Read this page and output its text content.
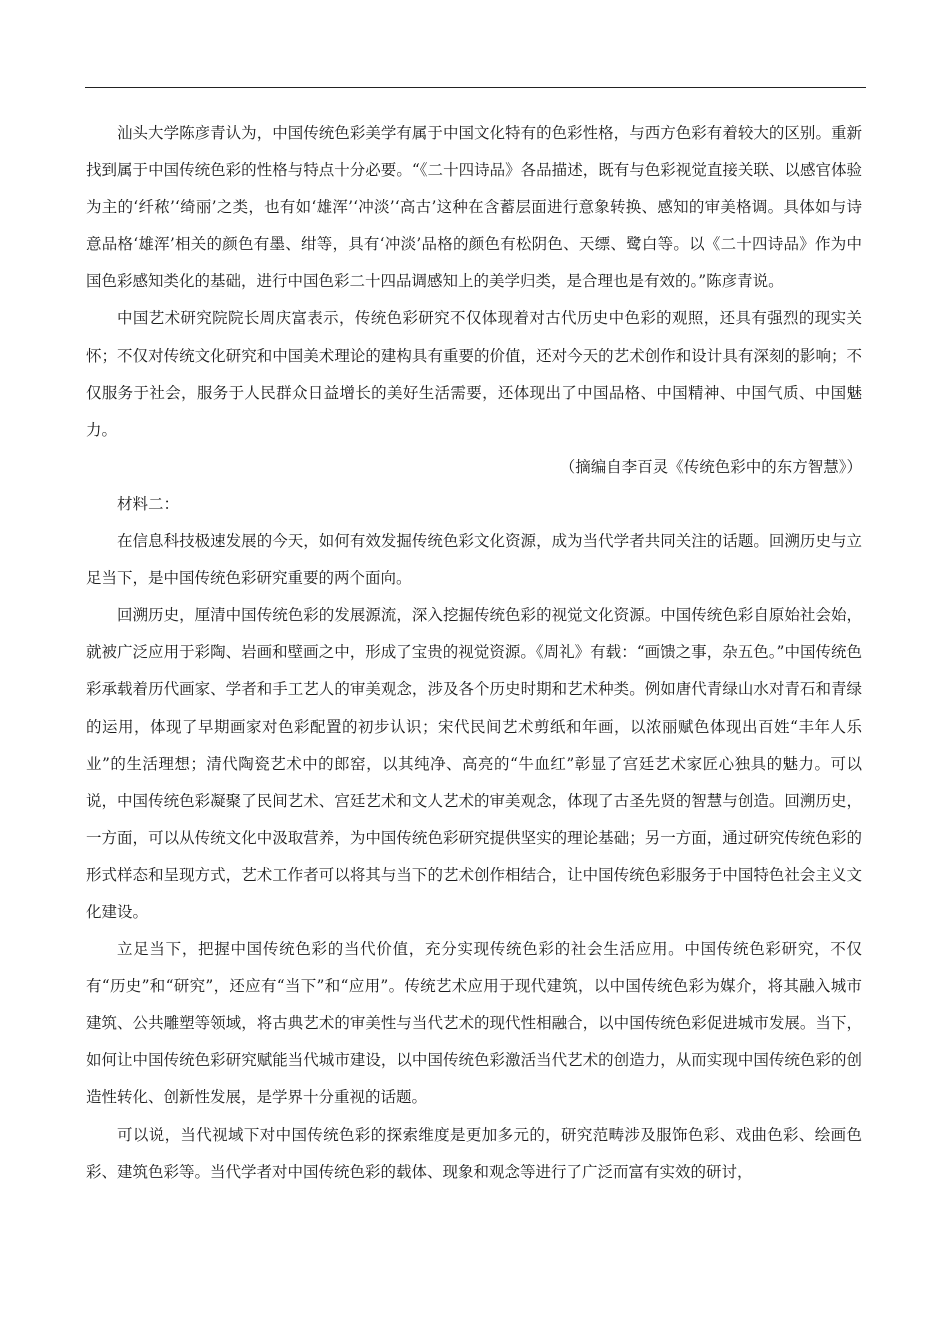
汕头大学陈彦青认为，中国传统色彩美学有属于中国文化特有的色彩性格，与西方色彩有着较大的区别。重新找到属于中国传统色彩的性格与特点十分必要。“《二十四诗品》各品描述，既有与色彩视觉直接关联、以感官体验为主的‘纤秾’‘绮丽’之类，也有如‘雄浑’‘冲淡’‘高古’这种在含蓄层面进行意象转换、感知的审美格调。具体如与诗意品格‘雄浑’相关的颜色有墨、绀等，具有‘冲淡’品格的颜色有松阴色、天缥、鹭白等。以《二十四诗品》作为中国色彩感知类化的基础，进行中国色彩二十四品调感知上的美学归类，是合理也是有效的。”陈彦青说。

中国艺术研究院院长周庆富表示，传统色彩研究不仅体现着对古代历史中色彩的观照，还具有强烈的现实关怀；不仅对传统文化研究和中国美术理论的建构具有重要的价值，还对今天的艺术创作和设计具有深刻的影响；不仅服务于社会，服务于人民群众日益增长的美好生活需要，还体现出了中国品格、中国精神、中国气质、中国魅力。

（摘编自李百灵《传统色彩中的东方智慧》）

材料二：

在信息科技极速发展的今天，如何有效发掘传统色彩文化资源，成为当代学者共同关注的话题。回溯历史与立足当下，是中国传统色彩研究重要的两个面向。

回溯历史，厘清中国传统色彩的发展源流，深入挖掘传统色彩的视觉文化资源。中国传统色彩自原始社会始，就被广泛应用于彩陶、岩画和壁画之中，形成了宝贵的视觉资源。《周礼》有载：“画馈之事，杂五色。”中国传统色彩承载着历代画家、学者和手工艺人的审美观念，涉及各个历史时期和艺术种类。例如唐代青绿山水对青石和青绿的运用，体现了早期画家对色彩配置的初步认识；宋代民间艺术剪纸和年画，以浓丽赋色体现出百姓“丰年人乐业”的生活理想；清代陶瓷艺术中的郎窑，以其纯净、高亮的“牛血红”彰显了宫廷艺术家匠心独具的魅力。可以说，中国传统色彩凝聚了民间艺术、宫廷艺术和文人艺术的审美观念，体现了古圣先贤的智慧与创造。回溯历史，一方面，可以从传统文化中汲取营养，为中国传统色彩研究提供坚实的理论基础；另一方面，通过研究传统色彩的形式样态和呈现方式，艺术工作者可以将其与当下的艺术创作相结合，让中国传统色彩服务于中国特色社会主义文化建设。

立足当下，把握中国传统色彩的当代价值，充分实现传统色彩的社会生活应用。中国传统色彩研究，不仅有“历史”和“研究”，还应有“当下”和“应用”。传统艺术应用于现代建筑，以中国传统色彩为媒介，将其融入城市建筑、公共雕塑等领域，将古典艺术的审美性与当代艺术的现代性相融合，以中国传统色彩促进城市发展。当下，如何让中国传统色彩研究赋能当代城市建设，以中国传统色彩激活当代艺术的创造力，从而实现中国传统色彩的创造性转化、创新性发展，是学界十分重视的话题。

可以说，当代视域下对中国传统色彩的探索维度是更加多元的，研究范畴涉及服饰色彩、戏曲色彩、绘画色彩、建筑色彩等。当代学者对中国传统色彩的载体、现象和观念等进行了广泛而富有实效的研讨，
